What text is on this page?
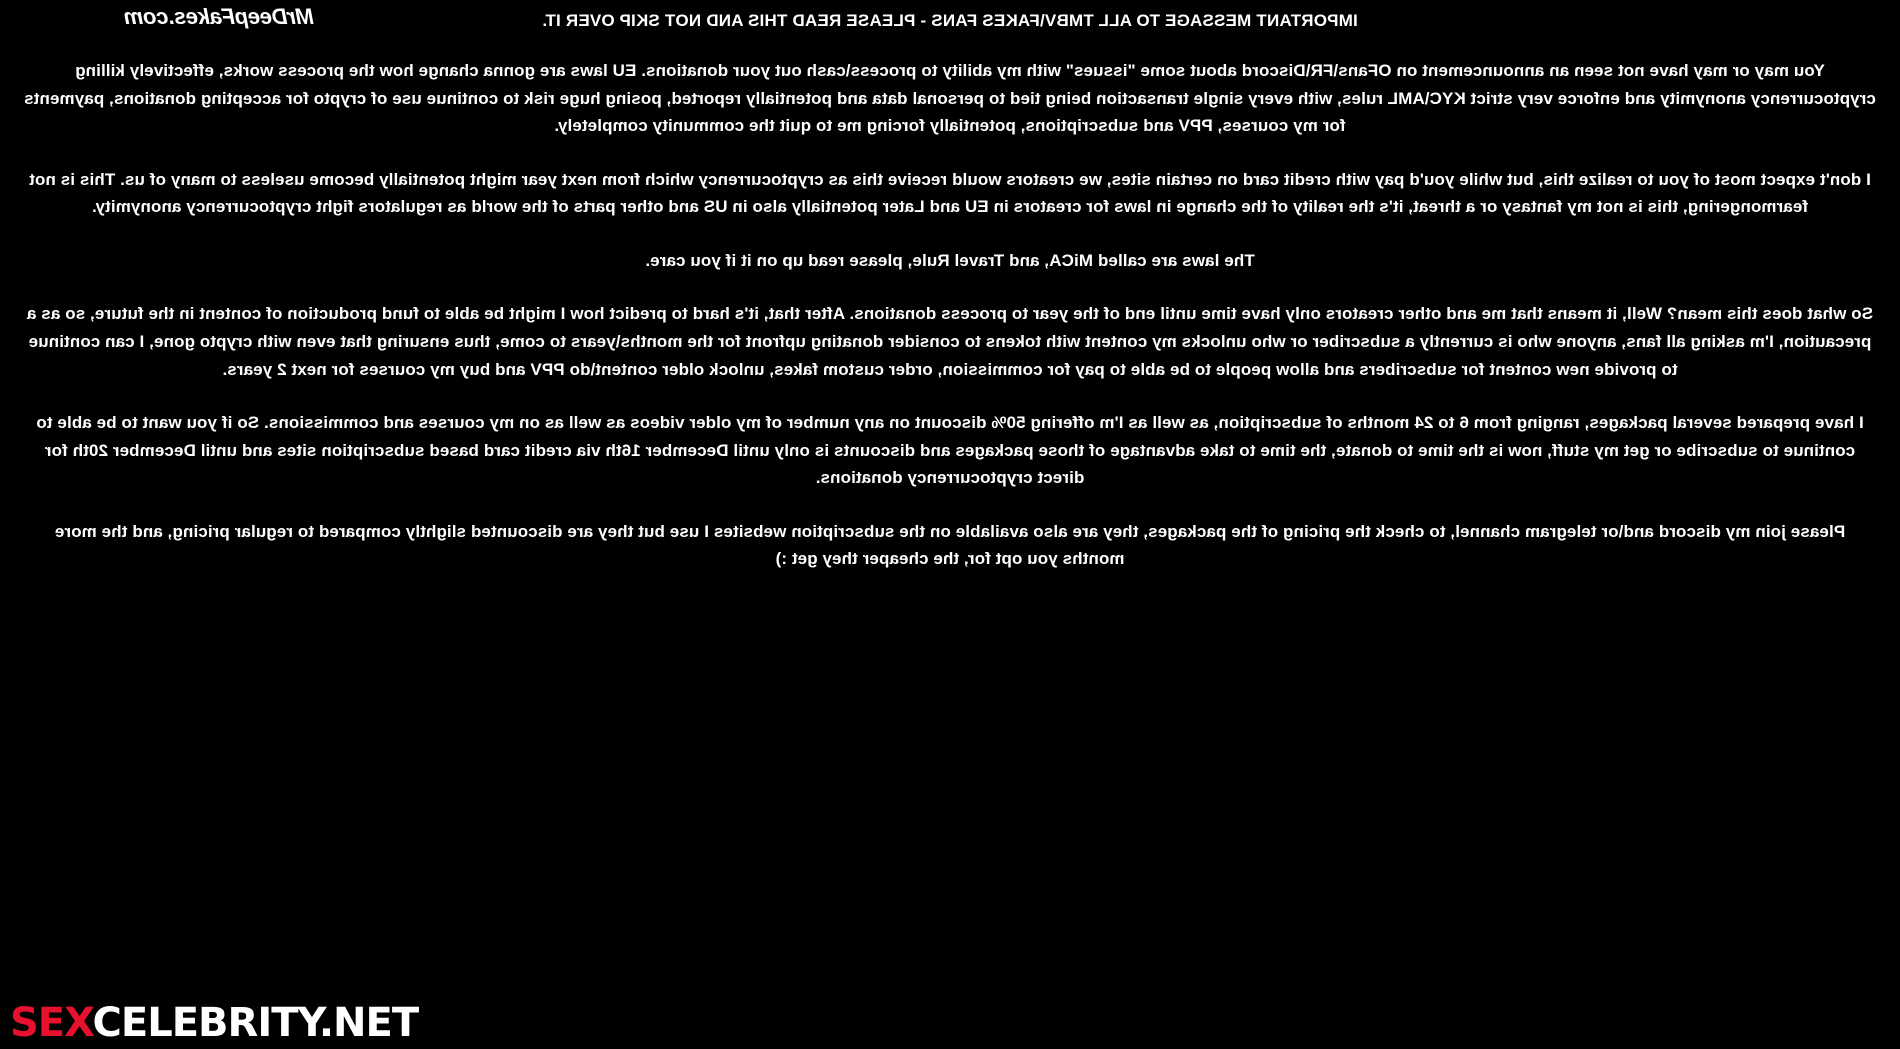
IMPORTANT MESSAGE TO ALL TMBV\FAKES FANS - PLEASE READ THIS AND NOT SKIP OVER IT.

You may or may have not seen an announcement on OFans\FR\Discord about some "issues" with my ability to process\cash out your donations. EU laws are gonna change how the process works, effectively killing cryptocurrency anonymity and enforce very strict KYC\AML rules, with every single transaction being tied to personal data and potentially reported, posing huge risk to continue use of crypto for accepting donations, payments for my courses, PPV and subscriptions, potentially forcing me to quit the community completely.

I don't expect most of you to realize this, but while you'd pay with credit card on certain sites, we creators would receive this as cryptocurrency which from next year might potentially become useless to many of us. This is not fearmongering, this is not my fantasy or a threat, it's the reality of the change in laws for creators in EU and Later potentially also in US and other parts of the world as regulators fight cryptocurrency anonymity.

The laws are called MiCA, and Travel Rule, please read up on it if you care.

So what does this mean? Well, it means that me and other creators only have time until end of the year to process donations. After that, it's hard to predict how I might be able to fund production of content in the future, so as a precaution, I'm asking all fans, anyone who is currently a subscriber or who unlocks my content with tokens to consider donating upfront for the months\years to come, thus ensuring that even with crypto gone, I can continue to provide new content for subscribers and allow people to be able to pay for commission, order custom fakes, unlock older content\do PPV and buy my courses for next 2 years.

I have prepared several packages, ranging from 6 to 24 months of subscription, as well as I'm offering 50% discount on any number of my older videos as well as on my courses and commissions. So if you want to be able to continue to subscribe or get my stuff, now is the time to donate, the time to take advantage of those packages and discounts is only until December 16th via credit card based subscription sites and until December 20th for direct cryptocurrency donations.

Please join my discord and\or telegram channel, to check the pricing of the packages, they are also available on the subscription websites I use but they are discounted slightly compared to regular pricing, and the more months you opt for, the cheaper they get :)

MrDeepFakes.com
SEXCELEBRITY.NET
